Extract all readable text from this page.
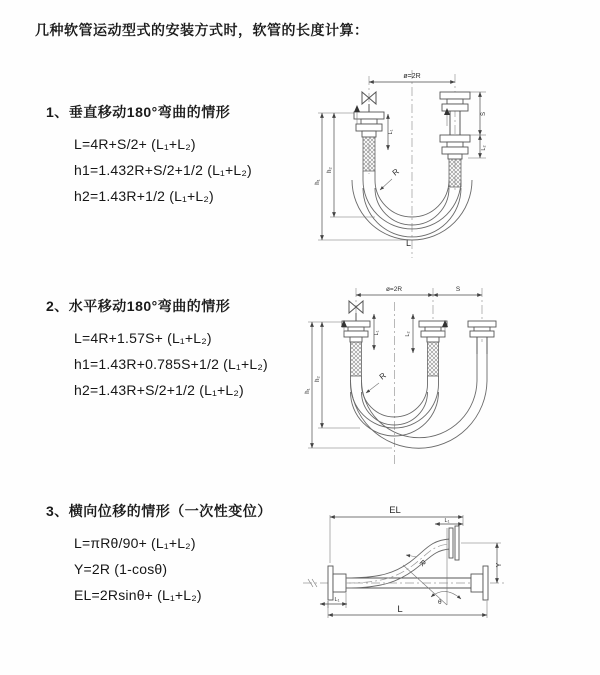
几种软管运动型式的安装方式时，软管的长度计算：
1、垂直移动180°弯曲的情形
L=4R+S/2+ (L₁+L₂)
h1=1.432R+S/2+1/2 (L₁+L₂)
h2=1.43R+1/2 (L₁+L₂)
2、水平移动180°弯曲的情形
L=4R+1.57S+ (L₁+L₂)
h1=1.43R+0.785S+1/2 (L₁+L₂)
h2=1.43R+S/2+1/2 (L₁+L₂)
3、横向位移的情形（一次性变位）
L=πRθ/90+ (L₁+L₂)
Y=2R (1-cosθ)
EL=2Rsinθ+ (L₁+L₂)
ø=2R
R
L
h₁
h₂
L₁
S
L₂
ø=2R	S
R
h₁
h₂
L₁	L₂
θ
R
EL
L₁
Y
L₁
L
